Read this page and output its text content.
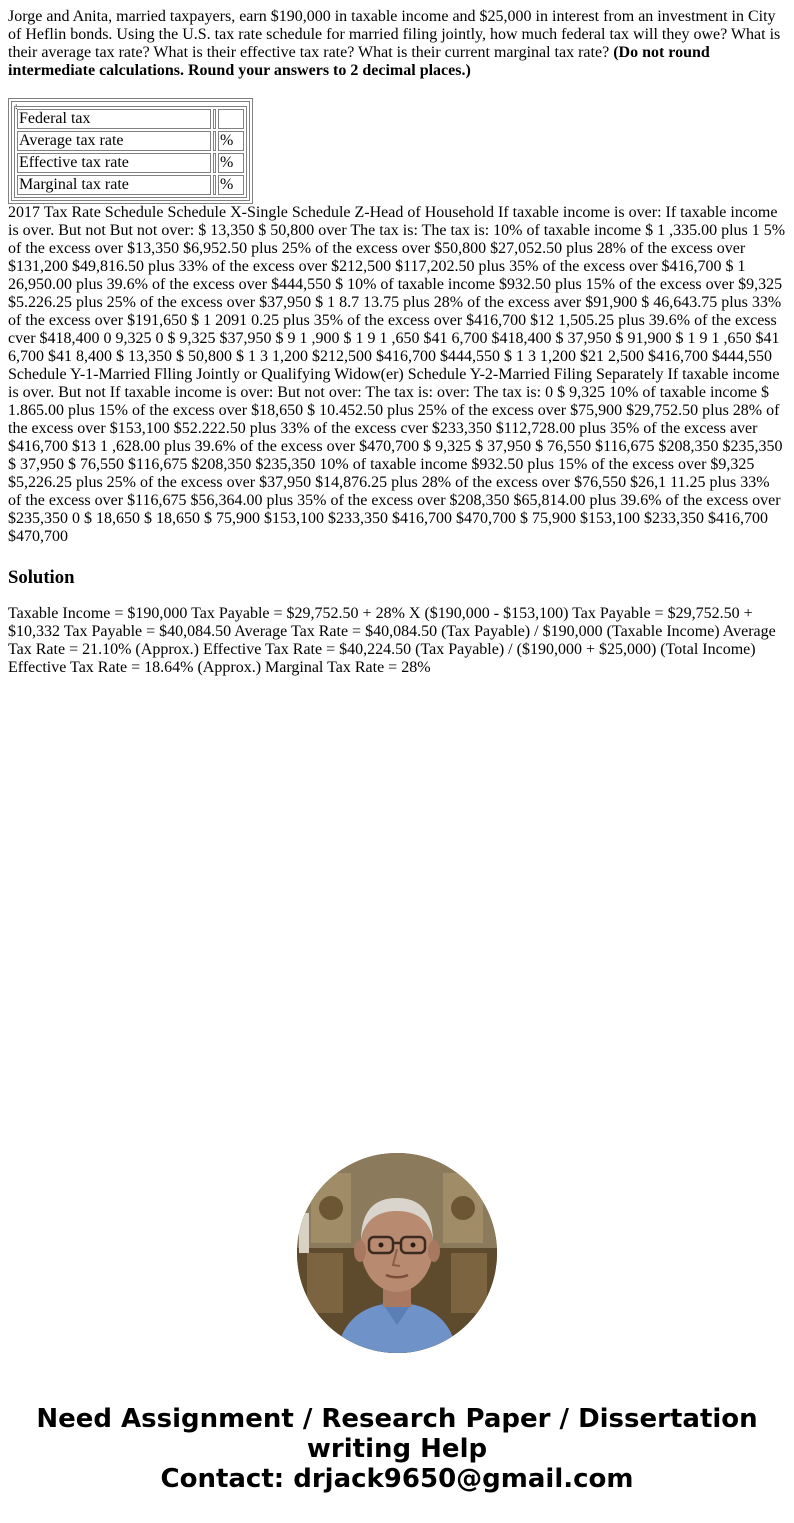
Jorge and Anita, married taxpayers, earn $190,000 in taxable income and $25,000 in interest from an investment in City of Heflin bonds. Using the U.S. tax rate schedule for married filing jointly, how much federal tax will they owe? What is their average tax rate? What is their effective tax rate? What is their current marginal tax rate? (Do not round intermediate calculations. Round your answers to 2 decimal places.)

:
Federal tax		
Average tax rate		%
Effective tax rate		%
Marginal tax rate		%

2017 Tax Rate Schedule Schedule X-Single Schedule Z-Head of Household If taxable income is over: If taxable income is over. But not But not over: $ 13,350 $ 50,800 over The tax is: The tax is: 10% of taxable income $ 1 ,335.00 plus 1 5% of the excess over $13,350 $6,952.50 plus 25% of the excess over $50,800 $27,052.50 plus 28% of the excess over $131,200 $49,816.50 plus 33% of the excess over $212,500 $117,202.50 plus 35% of the excess over $416,700 $ 1 26,950.00 plus 39.6% of the excess over $444,550 $ 10% of taxable income $932.50 plus 15% of the excess over $9,325 $5.226.25 plus 25% of the excess over $37,950 $ 1 8.7 13.75 plus 28% of the excess aver $91,900 $ 46,643.75 plus 33% of the excess over $191,650 $ 1 2091 0.25 plus 35% of the excess over $416,700 $12 1,505.25 plus 39.6% of the excess cver $418,400 0 9,325 0 $ 9,325 $37,950 $ 9 1 ,900 $ 1 9 1 ,650 $41 6,700 $418,400 $ 37,950 $ 91,900 $ 1 9 1 ,650 $41 6,700 $41 8,400 $ 13,350 $ 50,800 $ 1 3 1,200 $212,500 $416,700 $444,550 $ 1 3 1,200 $21 2,500 $416,700 $444,550 Schedule Y-1-Married Flling Jointly or Qualifying Widow(er) Schedule Y-2-Married Filing Separately If taxable income is over. But not If taxable income is over: But not over: The tax is: over: The tax is: 0 $ 9,325 10% of taxable income $ 1.865.00 plus 15% of the excess over $18,650 $ 10.452.50 plus 25% of the excess over $75,900 $29,752.50 plus 28% of the excess over $153,100 $52.222.50 plus 33% of the excess cver $233,350 $112,728.00 plus 35% of the excess aver $416,700 $13 1 ,628.00 plus 39.6% of the excess over $470,700 $ 9,325 $ 37,950 $ 76,550 $116,675 $208,350 $235,350 $ 37,950 $ 76,550 $116,675 $208,350 $235,350 10% of taxable income $932.50 plus 15% of the excess over $9,325 $5,226.25 plus 25% of the excess over $37,950 $14,876.25 plus 28% of the excess over $76,550 $26,1 11.25 plus 33% of the excess over $116,675 $56,364.00 plus 35% of the excess over $208,350 $65,814.00 plus 39.6% of the excess over $235,350 0 $ 18,650 $ 18,650 $ 75,900 $153,100 $233,350 $416,700 $470,700 $ 75,900 $153,100 $233,350 $416,700 $470,700

Solution

Taxable Income = $190,000 Tax Payable = $29,752.50 + 28% X ($190,000 - $153,100) Tax Payable = $29,752.50 + $10,332 Tax Payable = $40,084.50 Average Tax Rate = $40,084.50 (Tax Payable) / $190,000 (Taxable Income) Average Tax Rate = 21.10% (Approx.) Effective Tax Rate = $40,224.50 (Tax Payable) / ($190,000 + $25,000) (Total Income) Effective Tax Rate = 18.64% (Approx.) Marginal Tax Rate = 28%

Need Assignment / Research Paper / Dissertation
writing Help
Contact: drjack9650@gmail.com
